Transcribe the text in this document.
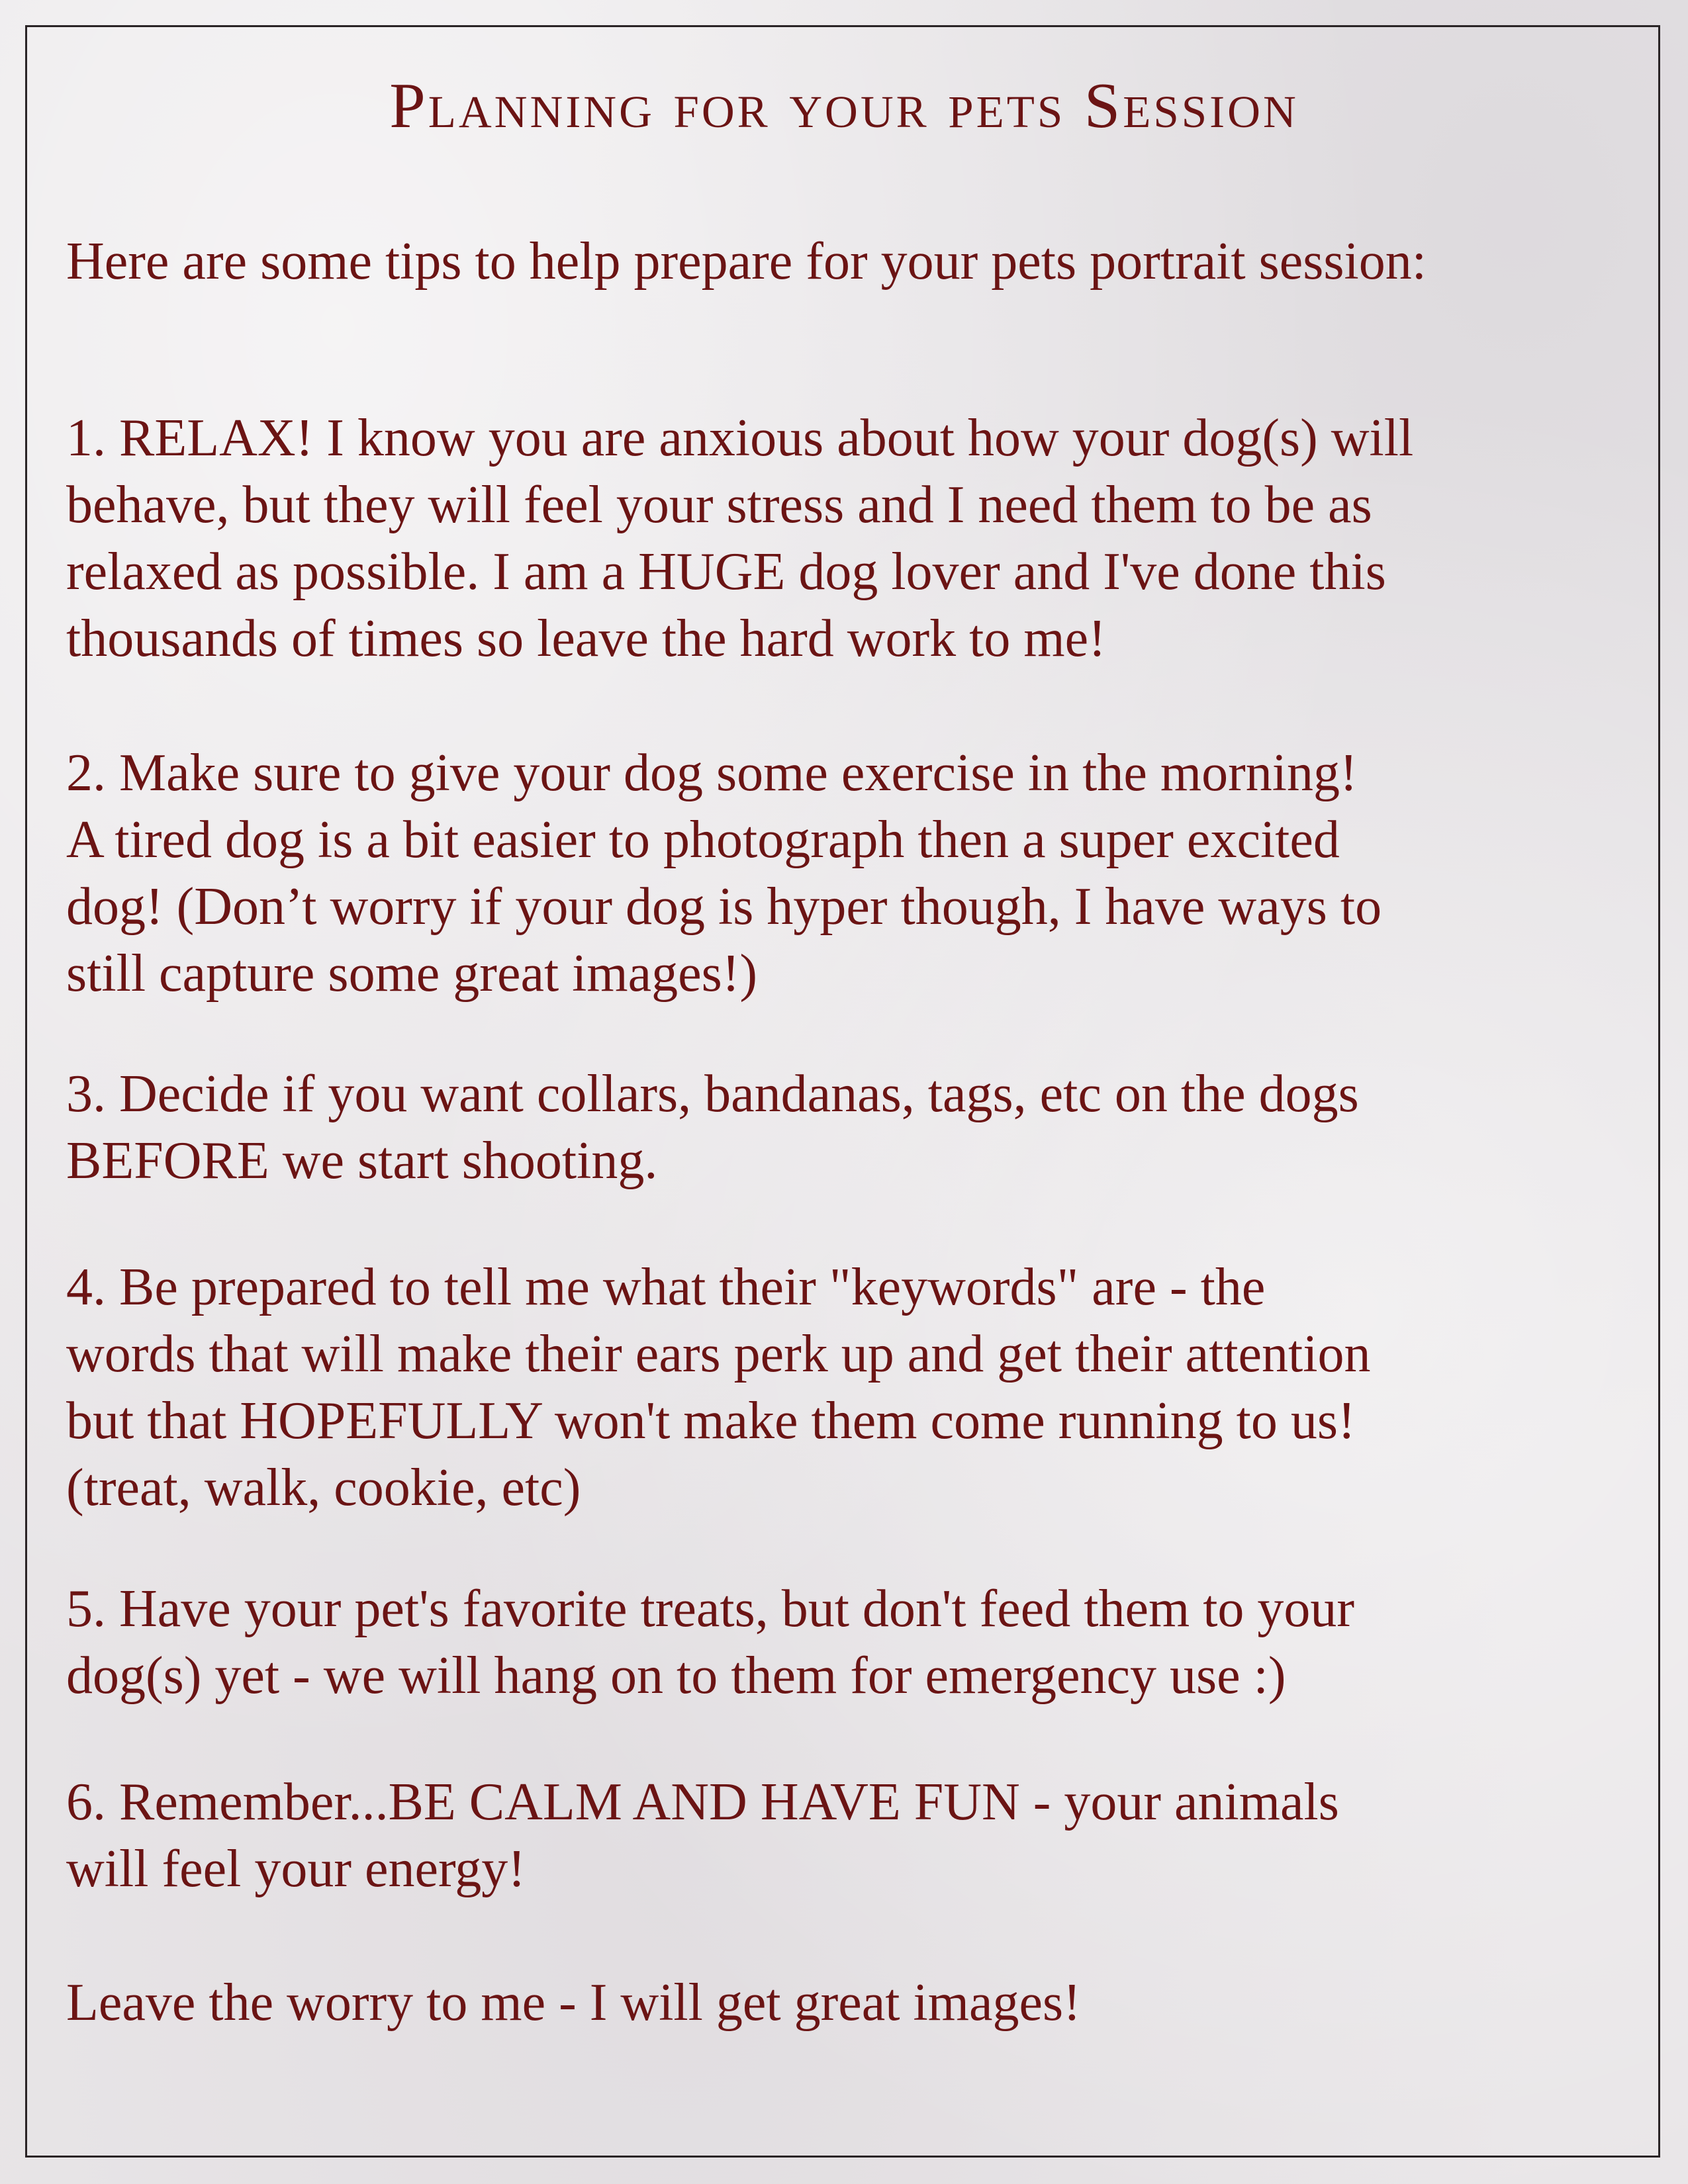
Planning for your pets Session

Here are some tips to help prepare for your pets portrait session:

1. RELAX! I know you are anxious about how your dog(s) will
behave, but they will feel your stress and I need them to be as
relaxed as possible. I am a HUGE dog lover and I've done this
thousands of times so leave the hard work to me!

2. Make sure to give your dog some exercise in the morning!
A tired dog is a bit easier to photograph then a super excited
dog! (Don’t worry if your dog is hyper though, I have ways to
still capture some great images!)

3. Decide if you want collars, bandanas, tags, etc on the dogs
BEFORE we start shooting.

4. Be prepared to tell me what their "keywords" are - the
words that will make their ears perk up and get their attention
but that HOPEFULLY won't make them come running to us!
(treat, walk, cookie, etc)

5. Have your pet's favorite treats, but don't feed them to your
dog(s) yet - we will hang on to them for emergency use :)

6. Remember...BE CALM AND HAVE FUN - your animals
will feel your energy!

Leave the worry to me - I will get great images!
